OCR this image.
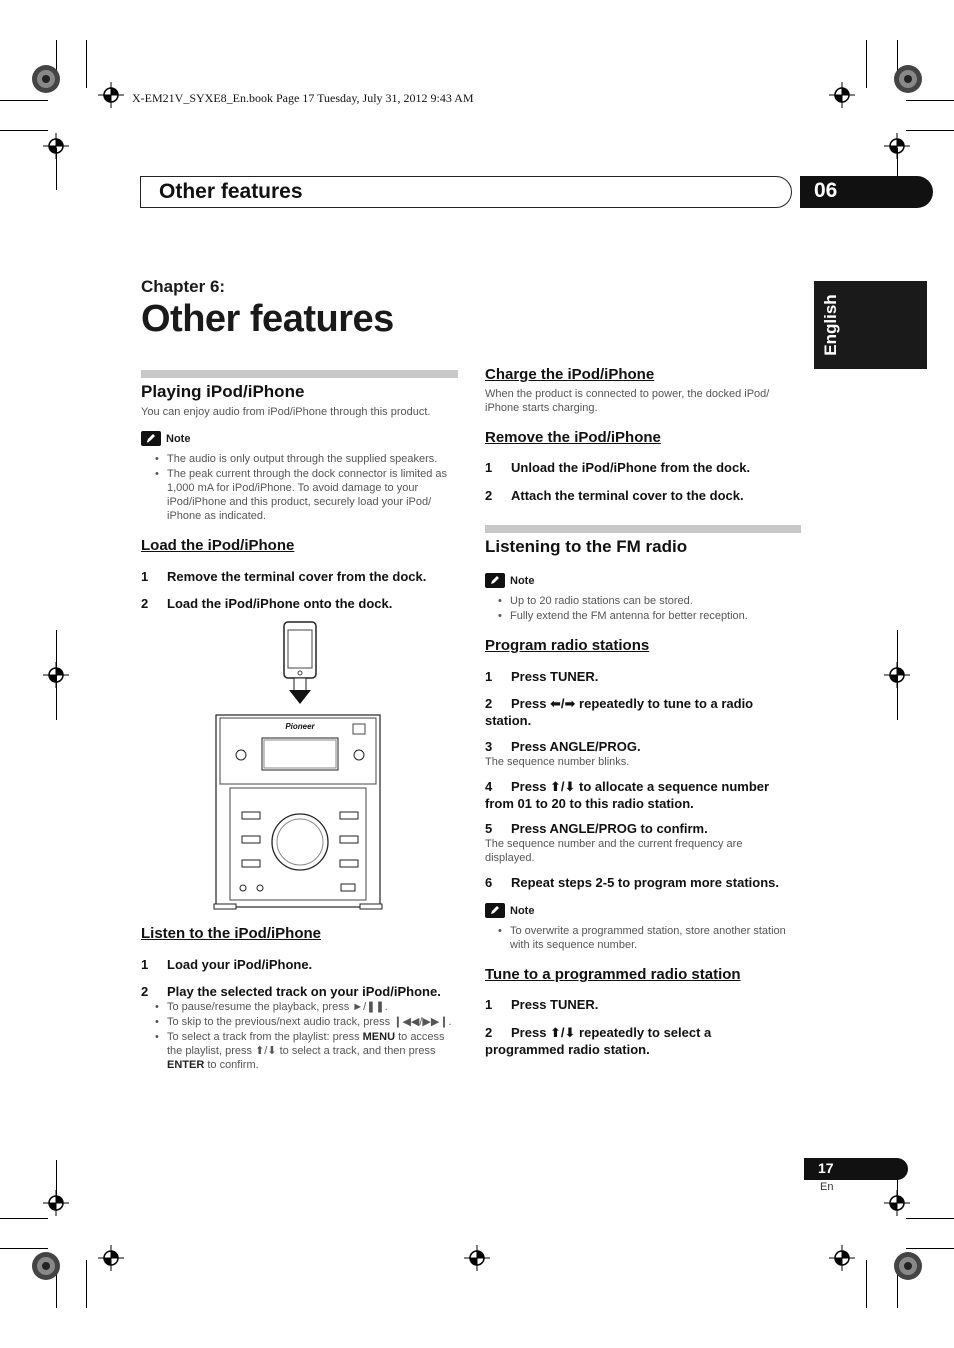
X-EM21V_SYXE8_En.book Page 17 Tuesday, July 31, 2012 9:43 AM
Other features	06
English
Chapter 6:
Other features
Playing iPod/iPhone
You can enjoy audio from iPod/iPhone through this product.
Note
• The audio is only output through the supplied speakers.
• The peak current through the dock connector is limited as 1,000 mA for iPod/iPhone. To avoid damage to your iPod/iPhone and this product, securely load your iPod/ iPhone as indicated.
Load the iPod/iPhone
1 Remove the terminal cover from the dock.
2 Load the iPod/iPhone onto the dock.
Pioneer
Listen to the iPod/iPhone
1 Load your iPod/iPhone.
2 Play the selected track on your iPod/iPhone.
• To pause/resume the playback, press ►/❚❚.
• To skip to the previous/next audio track, press ❙◀◀/▶▶❙.
• To select a track from the playlist: press MENU to access the playlist, press ⬆/⬇ to select a track, and then press ENTER to confirm.
Charge the iPod/iPhone
When the product is connected to power, the docked iPod/ iPhone starts charging.
Remove the iPod/iPhone
1 Unload the iPod/iPhone from the dock.
2 Attach the terminal cover to the dock.
Listening to the FM radio
Note
• Up to 20 radio stations can be stored.
• Fully extend the FM antenna for better reception.
Program radio stations
1 Press TUNER.
2 Press ⬅/➡ repeatedly to tune to a radio station.
3 Press ANGLE/PROG.
The sequence number blinks.
4 Press ⬆/⬇ to allocate a sequence number from 01 to 20 to this radio station.
5 Press ANGLE/PROG to confirm.
The sequence number and the current frequency are displayed.
6 Repeat steps 2-5 to program more stations.
Note
• To overwrite a programmed station, store another station with its sequence number.
Tune to a programmed radio station
1 Press TUNER.
2 Press ⬆/⬇ repeatedly to select a programmed radio station.
17
En
